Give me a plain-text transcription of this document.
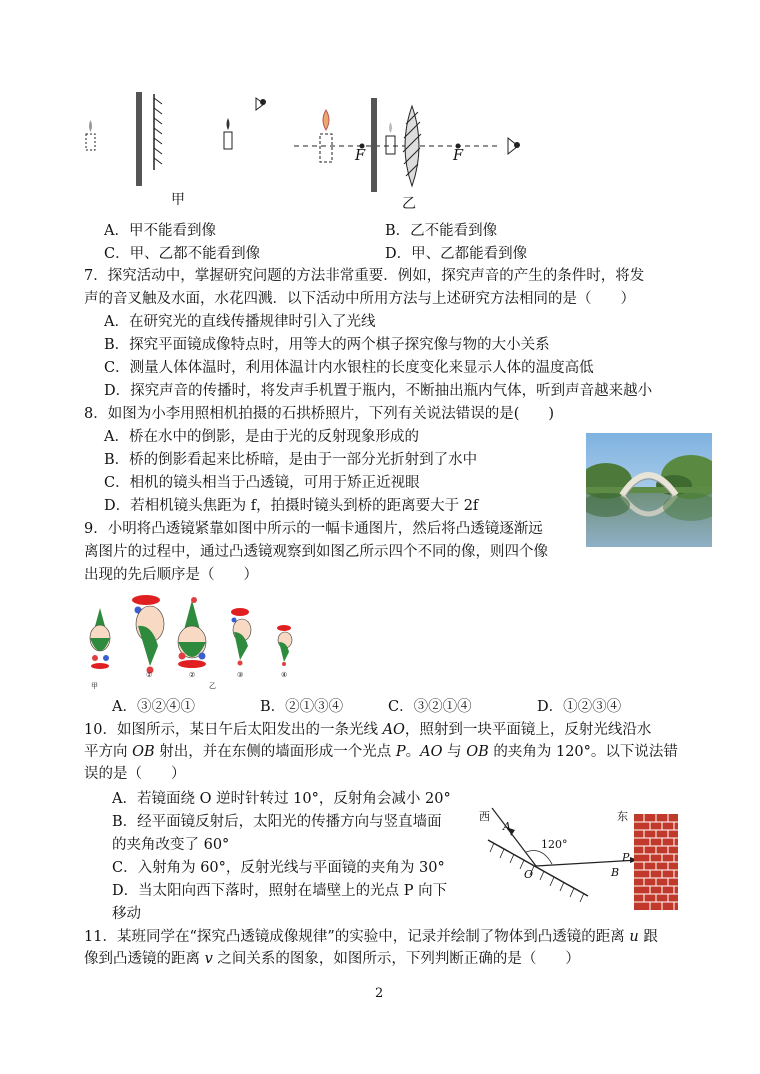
F	F
甲	乙
A．甲不能看到像	B．乙不能看到像
C．甲、乙都不能看到像	D．甲、乙都能看到像
7．探究活动中，掌握研究问题的方法非常重要．例如，探究声音的产生的条件时，将发
声的音叉触及水面，水花四溅．以下活动中所用方法与上述研究方法相同的是（　　）
A．在研究光的直线传播规律时引入了光线
B．探究平面镜成像特点时，用等大的两个棋子探究像与物的大小关系
C．测量人体体温时，利用体温计内水银柱的长度变化来显示人体的温度高低
D．探究声音的传播时，将发声手机置于瓶内，不断抽出瓶内气体，听到声音越来越小
8．如图为小李用照相机拍摄的石拱桥照片，下列有关说法错误的是(　　)
A．桥在水中的倒影，是由于光的反射现象形成的
B．桥的倒影看起来比桥暗，是由于一部分光折射到了水中
C．相机的镜头相当于凸透镜，可用于矫正近视眼
D．若相机镜头焦距为 f，拍摄时镜头到桥的距离要大于 2f
9．小明将凸透镜紧靠如图中所示的一幅卡通图片，然后将凸透镜逐渐远
离图片的过程中，通过凸透镜观察到如图乙所示四个不同的像，则四个像
出现的先后顺序是（　　）
甲
①	②	③	④
乙
A．③②④①	B．②①③④	C．③②①④	D．①②③④
10．如图所示，某日午后太阳发出的一条光线 AO，照射到一块平面镜上，反射光线沿水
平方向 OB 射出，并在东侧的墙面形成一个光点 P。AO 与 OB 的夹角为 120°。以下说法错
误的是（　　）
A．若镜面绕 O 逆时针转过 10°，反射角会减小 20°
B．经平面镜反射后，太阳光的传播方向与竖直墙面
的夹角改变了 60°
C．入射角为 60°，反射光线与平面镜的夹角为 30°
D．当太阳向西下落时，照射在墙壁上的光点 P 向下
移动
西	东
120°
A
O	B
P
11．某班同学在“探究凸透镜成像规律”的实验中，记录并绘制了物体到凸透镜的距离 u 跟
像到凸透镜的距离 v 之间关系的图象，如图所示，下列判断正确的是（　　）
2
